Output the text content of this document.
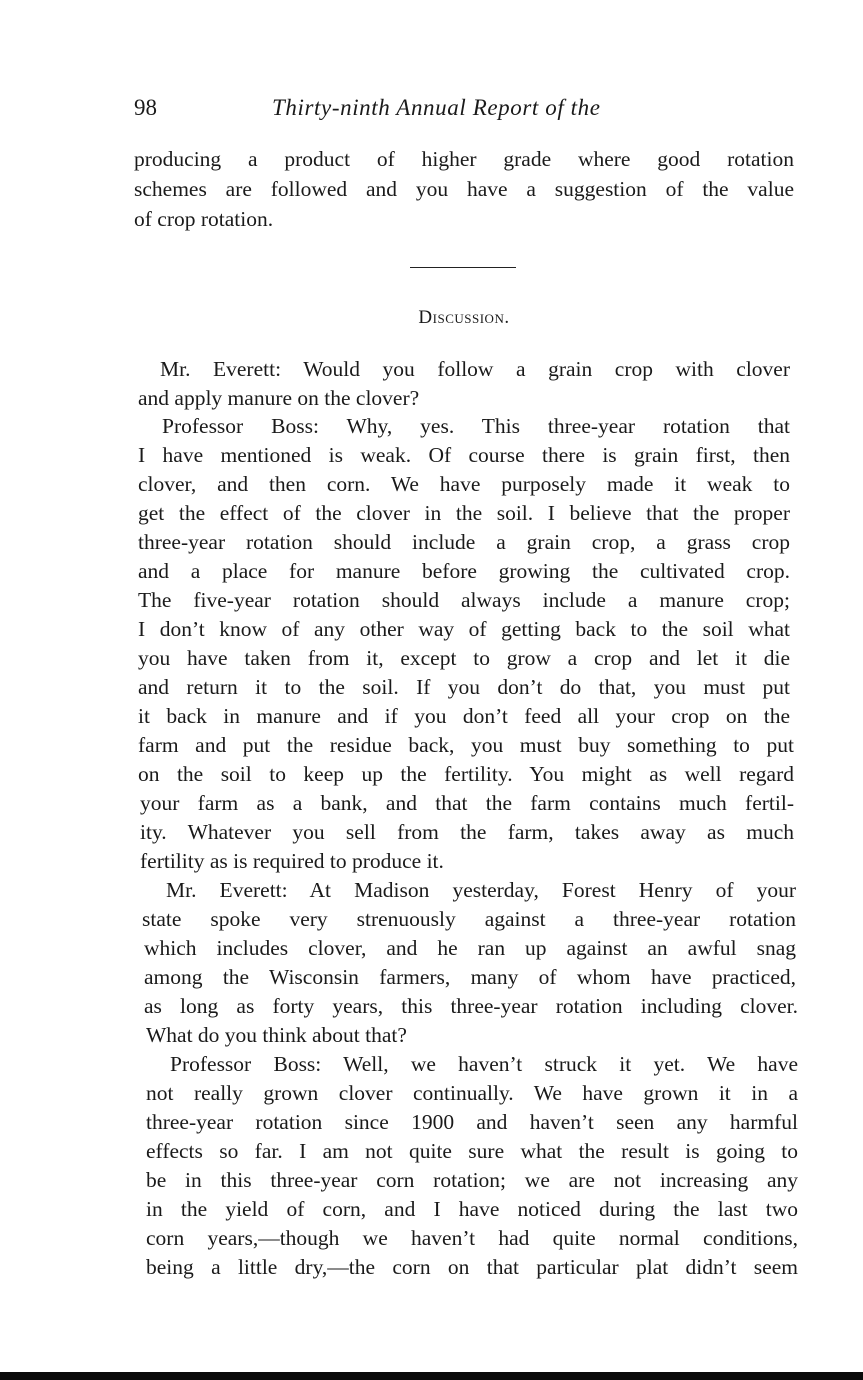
98	Thirty-ninth Annual Report of the
producing a product of higher grade where good rotation
schemes are followed and you have a suggestion of the value
of crop rotation.
Discussion.
Mr. Everett: Would you follow a grain crop with clover
and apply manure on the clover?
Professor Boss: Why, yes. This three-year rotation that
I have mentioned is weak. Of course there is grain first, then
clover, and then corn. We have purposely made it weak to
get the effect of the clover in the soil. I believe that the proper
three-year rotation should include a grain crop, a grass crop
and a place for manure before growing the cultivated crop.
The five-year rotation should always include a manure crop;
I don’t know of any other way of getting back to the soil what
you have taken from it, except to grow a crop and let it die
and return it to the soil. If you don’t do that, you must put
it back in manure and if you don’t feed all your crop on the
farm and put the residue back, you must buy something to put
on the soil to keep up the fertility. You might as well regard
your farm as a bank, and that the farm contains much fertil-
ity. Whatever you sell from the farm, takes away as much
fertility as is required to produce it.
Mr. Everett: At Madison yesterday, Forest Henry of your
state spoke very strenuously against a three-year rotation
which includes clover, and he ran up against an awful snag
among the Wisconsin farmers, many of whom have practiced,
as long as forty years, this three-year rotation including clover.
What do you think about that?
Professor Boss: Well, we haven’t struck it yet. We have
not really grown clover continually. We have grown it in a
three-year rotation since 1900 and haven’t seen any harmful
effects so far. I am not quite sure what the result is going to
be in this three-year corn rotation; we are not increasing any
in the yield of corn, and I have noticed during the last two
corn years,—though we haven’t had quite normal conditions,
being a little dry,—the corn on that particular plat didn’t seem
